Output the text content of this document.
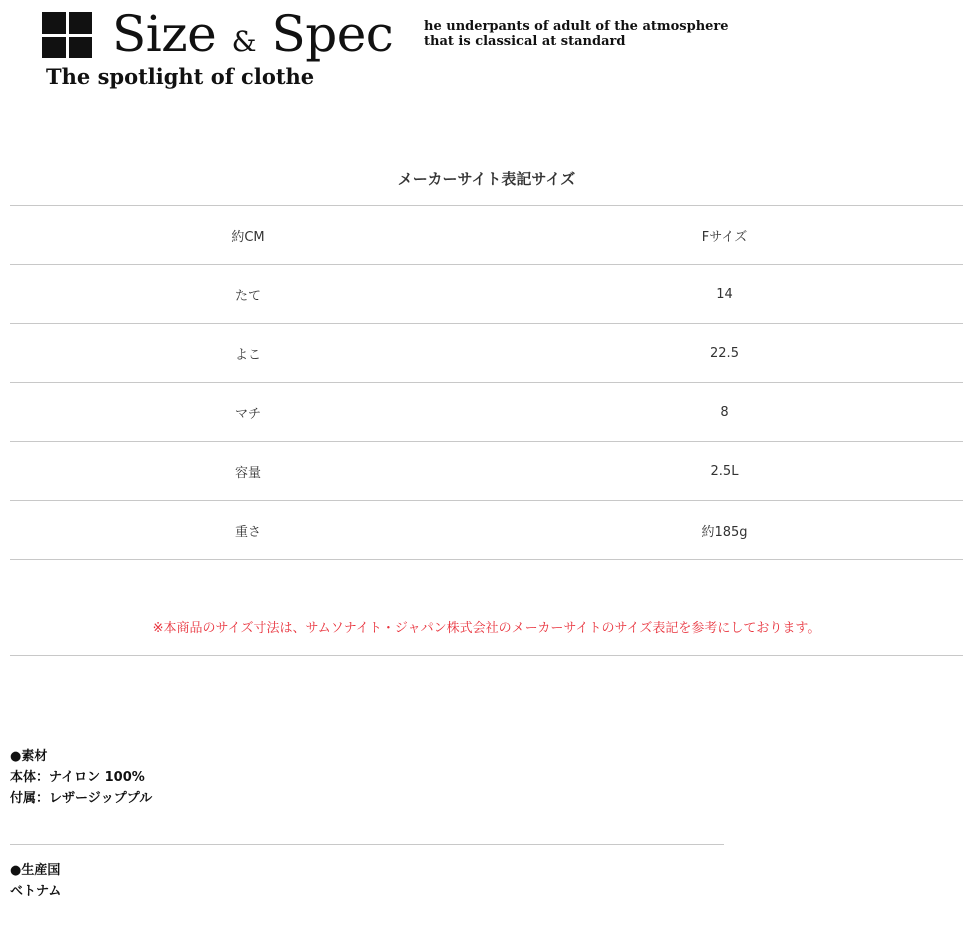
Size & Spec he underpants of adult of the atmosphere
that is classical at standard
The spotlight of clothe
メーカーサイト表記サイズ
約CM	Fサイズ
たて	14
よこ	22.5
マチ	8
容量	2.5L
重さ	約185g
※本商品のサイズ寸法は、サムソナイト・ジャパン株式会社のメーカーサイトのサイズ表記を参考にしております。
●素材
本体：ナイロン 100%
付属：レザージッププル
●生産国
ベトナム
